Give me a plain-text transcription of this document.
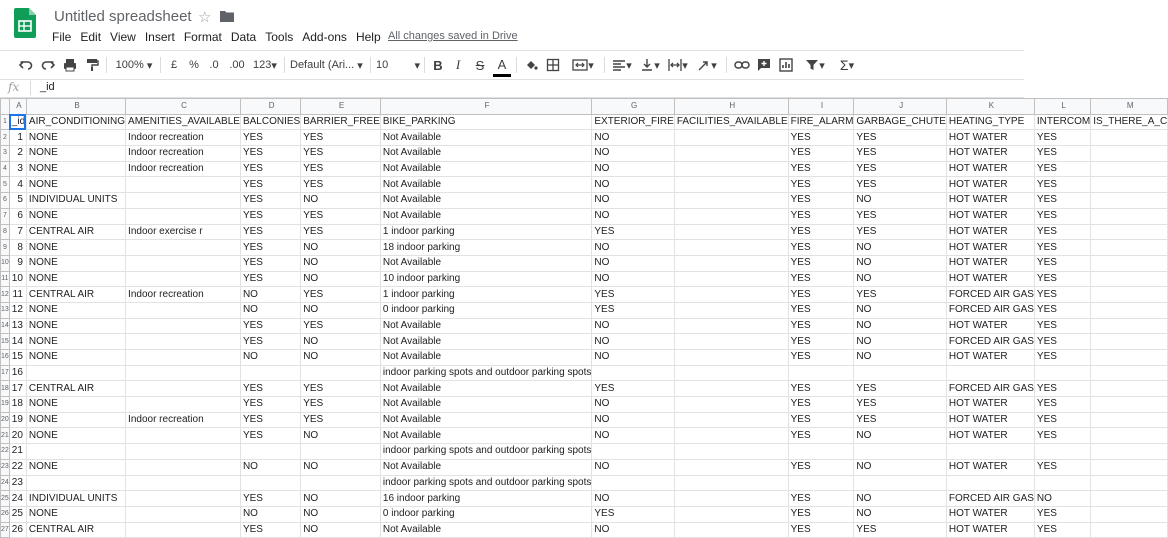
Untitled spreadsheet ☆
File Edit View Insert Format Data Tools Add-ons Help All changes saved in Drive
100% ▾	£	% .0 .00 123 ▾ Default (Ari... ▾ 10 ▾ B	I	S	A	▾	▾	▾	▾	▾	▾	Σ ▾
fx _id
	A	B	C	D	E	F	G	H	I	J	K	L	M
1	_id	AIR_CONDITIONING	AMENITIES_AVAILABLE	BALCONIES	BARRIER_FREE	BIKE_PARKING	EXTERIOR_FIRE	FACILITIES_AVAILABLE	FIRE_ALARM	GARBAGE_CHUTE	HEATING_TYPE	INTERCOM	IS_THERE_A_C
2	1	NONE	Indoor recreation	YES	YES	Not Available	NO		YES	YES	HOT WATER	YES	
3	2	NONE	Indoor recreation	YES	YES	Not Available	NO		YES	YES	HOT WATER	YES	
4	3	NONE	Indoor recreation	YES	YES	Not Available	NO		YES	YES	HOT WATER	YES	
5	4	NONE		YES	YES	Not Available	NO		YES	YES	HOT WATER	YES	
6	5	INDIVIDUAL UNITS		YES	NO	Not Available	NO		YES	NO	HOT WATER	YES	
7	6	NONE		YES	YES	Not Available	NO		YES	YES	HOT WATER	YES	
8	7	CENTRAL AIR	Indoor exercise r	YES	YES	1 indoor parking	YES		YES	YES	HOT WATER	YES	
9	8	NONE		YES	NO	18 indoor parking	NO		YES	NO	HOT WATER	YES	
10	9	NONE		YES	NO	Not Available	NO		YES	NO	HOT WATER	YES	
11	10	NONE		YES	NO	10 indoor parking	NO		YES	NO	HOT WATER	YES	
12	11	CENTRAL AIR	Indoor recreation	NO	YES	1 indoor parking	YES		YES	YES	FORCED AIR GAS	YES	
13	12	NONE		NO	NO	0 indoor parking	YES		YES	NO	FORCED AIR GAS	YES	
14	13	NONE		YES	YES	Not Available	NO		YES	NO	HOT WATER	YES	
15	14	NONE		YES	NO	Not Available	NO		YES	NO	FORCED AIR GAS	YES	
16	15	NONE		NO	NO	Not Available	NO		YES	NO	HOT WATER	YES	
17	16					indoor parking spots and outdoor parking spots							
18	17	CENTRAL AIR		YES	YES	Not Available	YES		YES	YES	FORCED AIR GAS	YES	
19	18	NONE		YES	YES	Not Available	NO		YES	YES	HOT WATER	YES	
20	19	NONE	Indoor recreation	YES	YES	Not Available	NO		YES	YES	HOT WATER	YES	
21	20	NONE		YES	NO	Not Available	NO		YES	NO	HOT WATER	YES	
22	21					indoor parking spots and outdoor parking spots							
23	22	NONE		NO	NO	Not Available	NO		YES	NO	HOT WATER	YES	
24	23					indoor parking spots and outdoor parking spots							
25	24	INDIVIDUAL UNITS		YES	NO	16 indoor parking	NO		YES	NO	FORCED AIR GAS	NO	
26	25	NONE		NO	NO	0 indoor parking	YES		YES	NO	HOT WATER	YES	
27	26	CENTRAL AIR		YES	NO	Not Available	NO		YES	YES	HOT WATER	YES	
